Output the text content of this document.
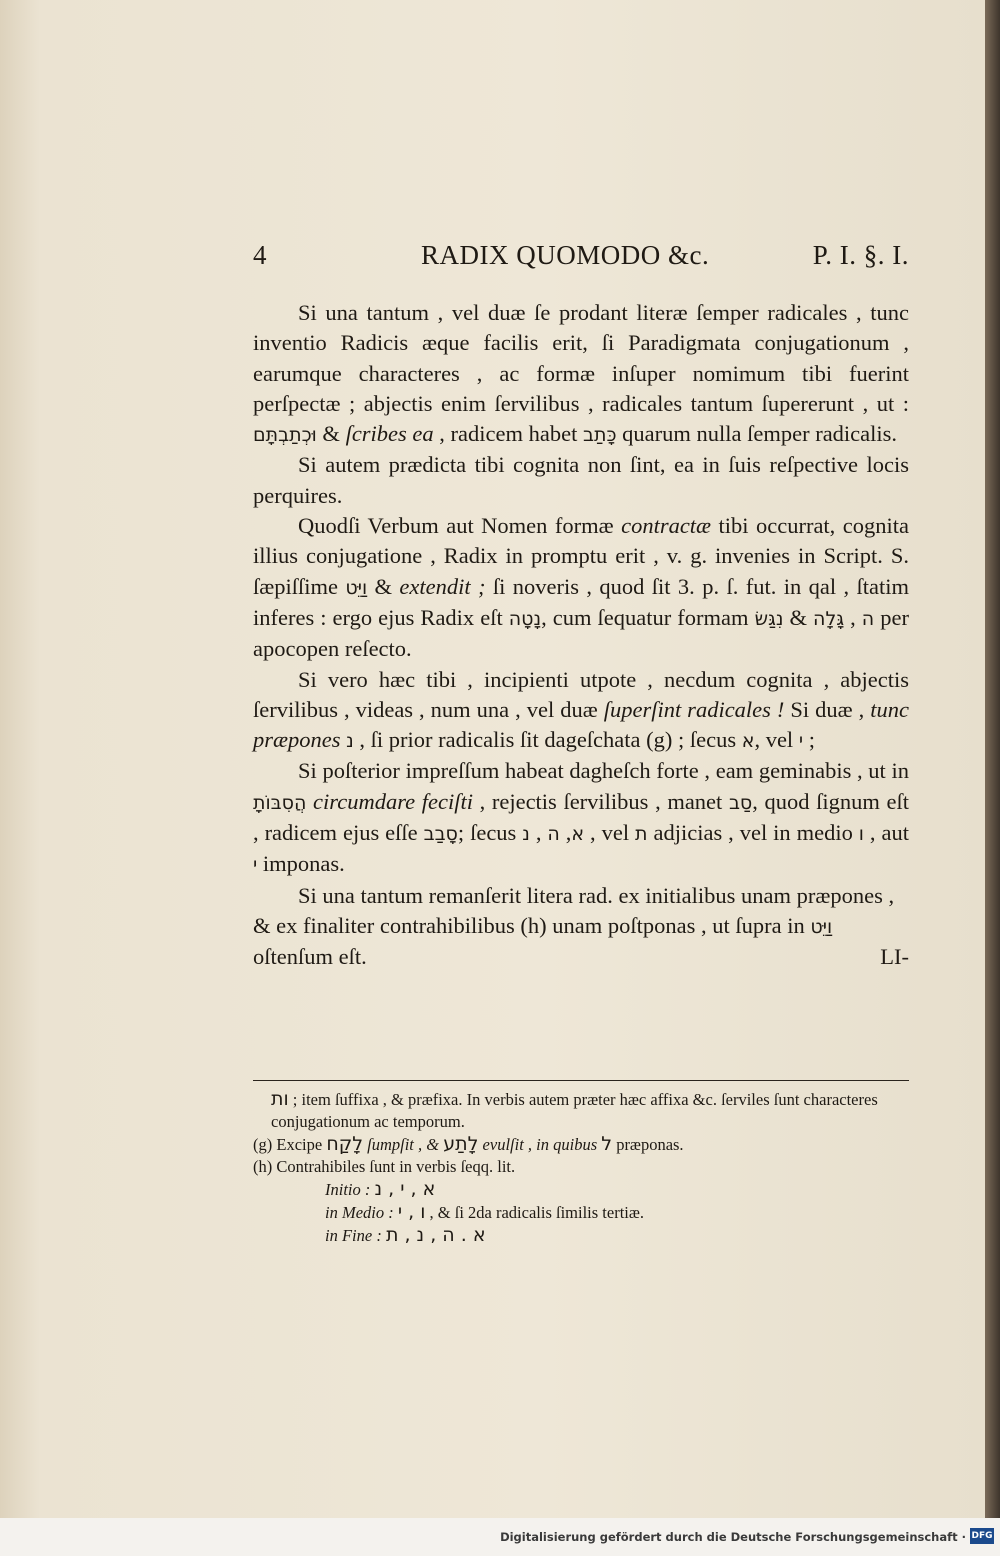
4	RADIX QUOMODO &c.	P. I. §. I.

Si una tantum , vel duæ ſe prodant literæ ſemper radicales , tunc inventio Radicis æque facilis erit, ſi Paradigmata conjugationum , earumque characteres , ac formæ inſuper nomimum tibi fuerint perſpectæ ; abjectis enim ſervilibus , radicales tantum ſupererunt , ut : וּכְתַבְתָּם & ſcribes ea , radicem habet כָּתַב quarum nulla ſemper radicalis.

Si autem prædicta tibi cognita non ſint, ea in ſuis reſpective locis perquires.

Quodſi Verbum aut Nomen formæ contractæ tibi occurrat, cognita illius conjugatione , Radix in promptu erit , v. g. invenies in Script. S. ſæpiſſime וַיֵּט & extendit ; ſi noveris , quod ſit 3. p. ſ. fut. in qal , ſtatim inferes : ergo ejus Radix eſt נָטָה, cum ſequatur formam נִגַּשׂ & גָּלָה , ה per apocopen reſecto.

Si vero hæc tibi , incipienti utpote , necdum cognita , abjectis ſervilibus , videas , num una , vel duæ ſuperſint radicales ! Si duæ , tunc præpones נ , ſi prior radicalis ſit dageſchata (g) ; ſecus א, vel י ;

Si poſterior impreſſum habeat dagheſch forte , eam geminabis , ut in הֲסִבּוֹתָ circumdare feciſti , rejectis ſervilibus , manet סַב, quod ſignum eſt , radicem ejus eſſe סָבַב; ſecus	א, ה , נ , vel ת adjicias , vel in medio ו , aut י imponas.

Si una tantum remanſerit litera rad. ex initialibus unam præpones , & ex finaliter contrahibilibus (h) unam poſtponas , ut ſupra in וַיֵּט oſtenſum eſt.	LI-

ות ; item ſuffixa , & præfixa. In verbis autem præter hæc affixa &c. ſerviles ſunt characteres conjugationum ac temporum.

(g) Excipe לָקַח ſumpſit , & לָתַע evulſit , in quibus ל præponas.

(h) Contrahibiles ſunt in verbis ſeqq. lit.

Initio : א , י , נ

in Medio : ו , י , & ſi 2da radicalis ſimilis tertiæ.

in Fine : א . ה , נ , ת

Digitalisierung gefördert durch die Deutsche Forschungsgemeinschaft · DFG
